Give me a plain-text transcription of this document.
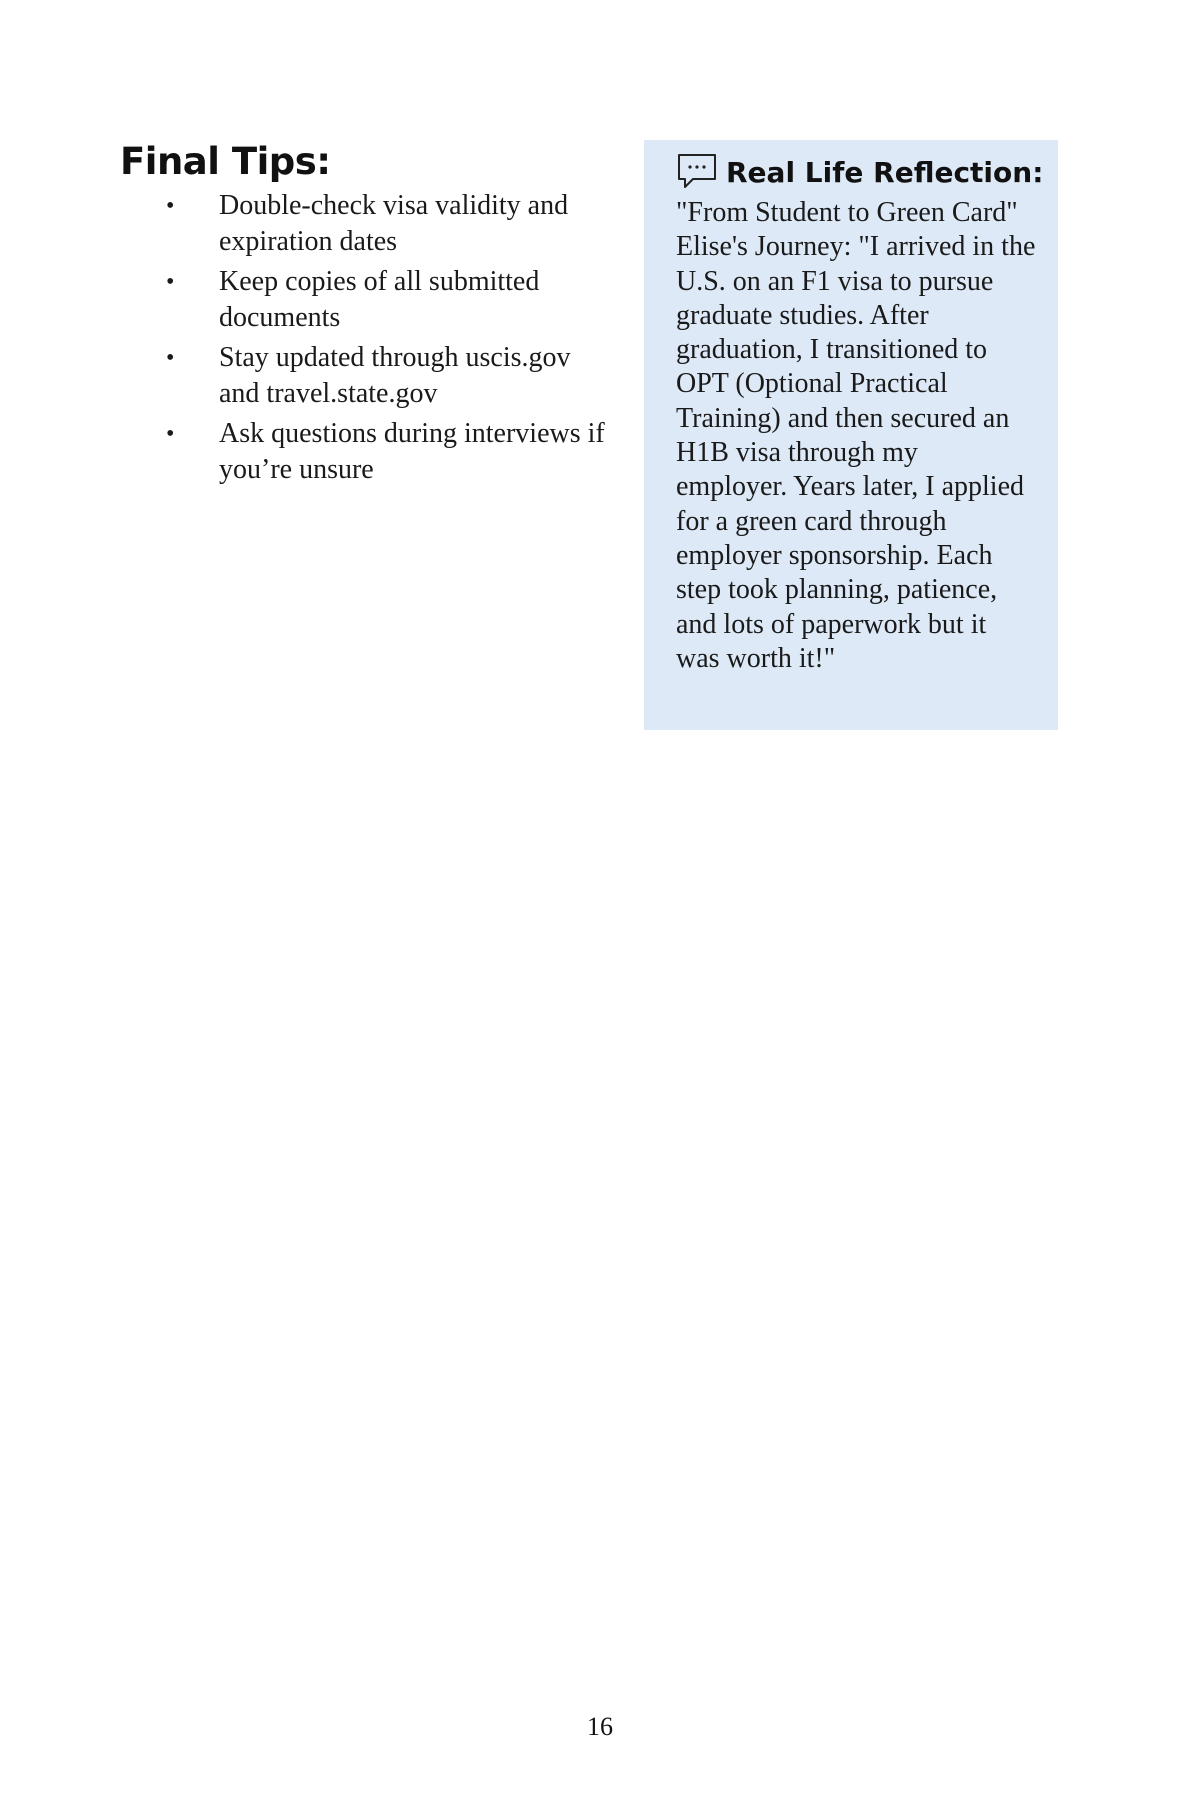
Final Tips:
• Double-check visa validity and expiration dates
• Keep copies of all submitted documents
• Stay updated through uscis.gov and travel.state.gov
• Ask questions during interviews if you’re unsure
Real Life Reflection:

"From Student to Green Card" Elise's Journey: "I arrived in the U.S. on an F1 visa to pursue graduate studies. After graduation, I transitioned to OPT (Optional Practical Training) and then secured an H1B visa through my employer. Years later, I applied for a green card through employer sponsorship. Each step took planning, patience, and lots of paperwork but it was worth it!"

16
